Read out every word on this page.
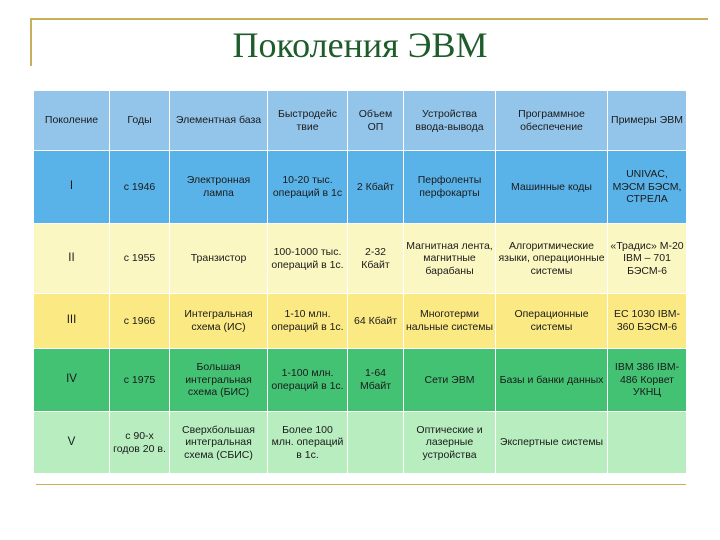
Поколения ЭВМ
Поколение	Годы	Элементная база	Быстродейс твие	Объем ОП	Устройства ввода-вывода	Программное обеспечение	Примеры ЭВМ
I	с 1946	Электронная лампа	10-20 тыс. операций в 1с	2 Кбайт	Перфоленты перфокарты	Машинные коды	UNIVAC, МЭСМ БЭСМ, СТРЕЛА
II	с 1955	Транзистор	100-1000 тыс. операций в 1с.	2-32 Кбайт	Магнитная лента, магнитные барабаны	Алгоритмические языки, операционные системы	«Традис» М-20 IBM – 701 БЭСМ-6
III	с 1966	Интегральная схема (ИС)	1-10 млн. операций в 1с.	64 Кбайт	Многотерми нальные системы	Операционные системы	ЕС 1030 IBM-360 БЭСМ-6
IV	с 1975	Большая интегральная схема (БИС)	1-100 млн. операций в 1с.	1-64 Мбайт	Сети ЭВМ	Базы и банки данных	IBM 386 IBM-486 Корвет УКНЦ
V	с 90-х годов 20 в.	Сверхбольшая интегральная схема (СБИС)	Более 100 млн. операций в 1с.		Оптические и лазерные устройства	Экспертные системы	
